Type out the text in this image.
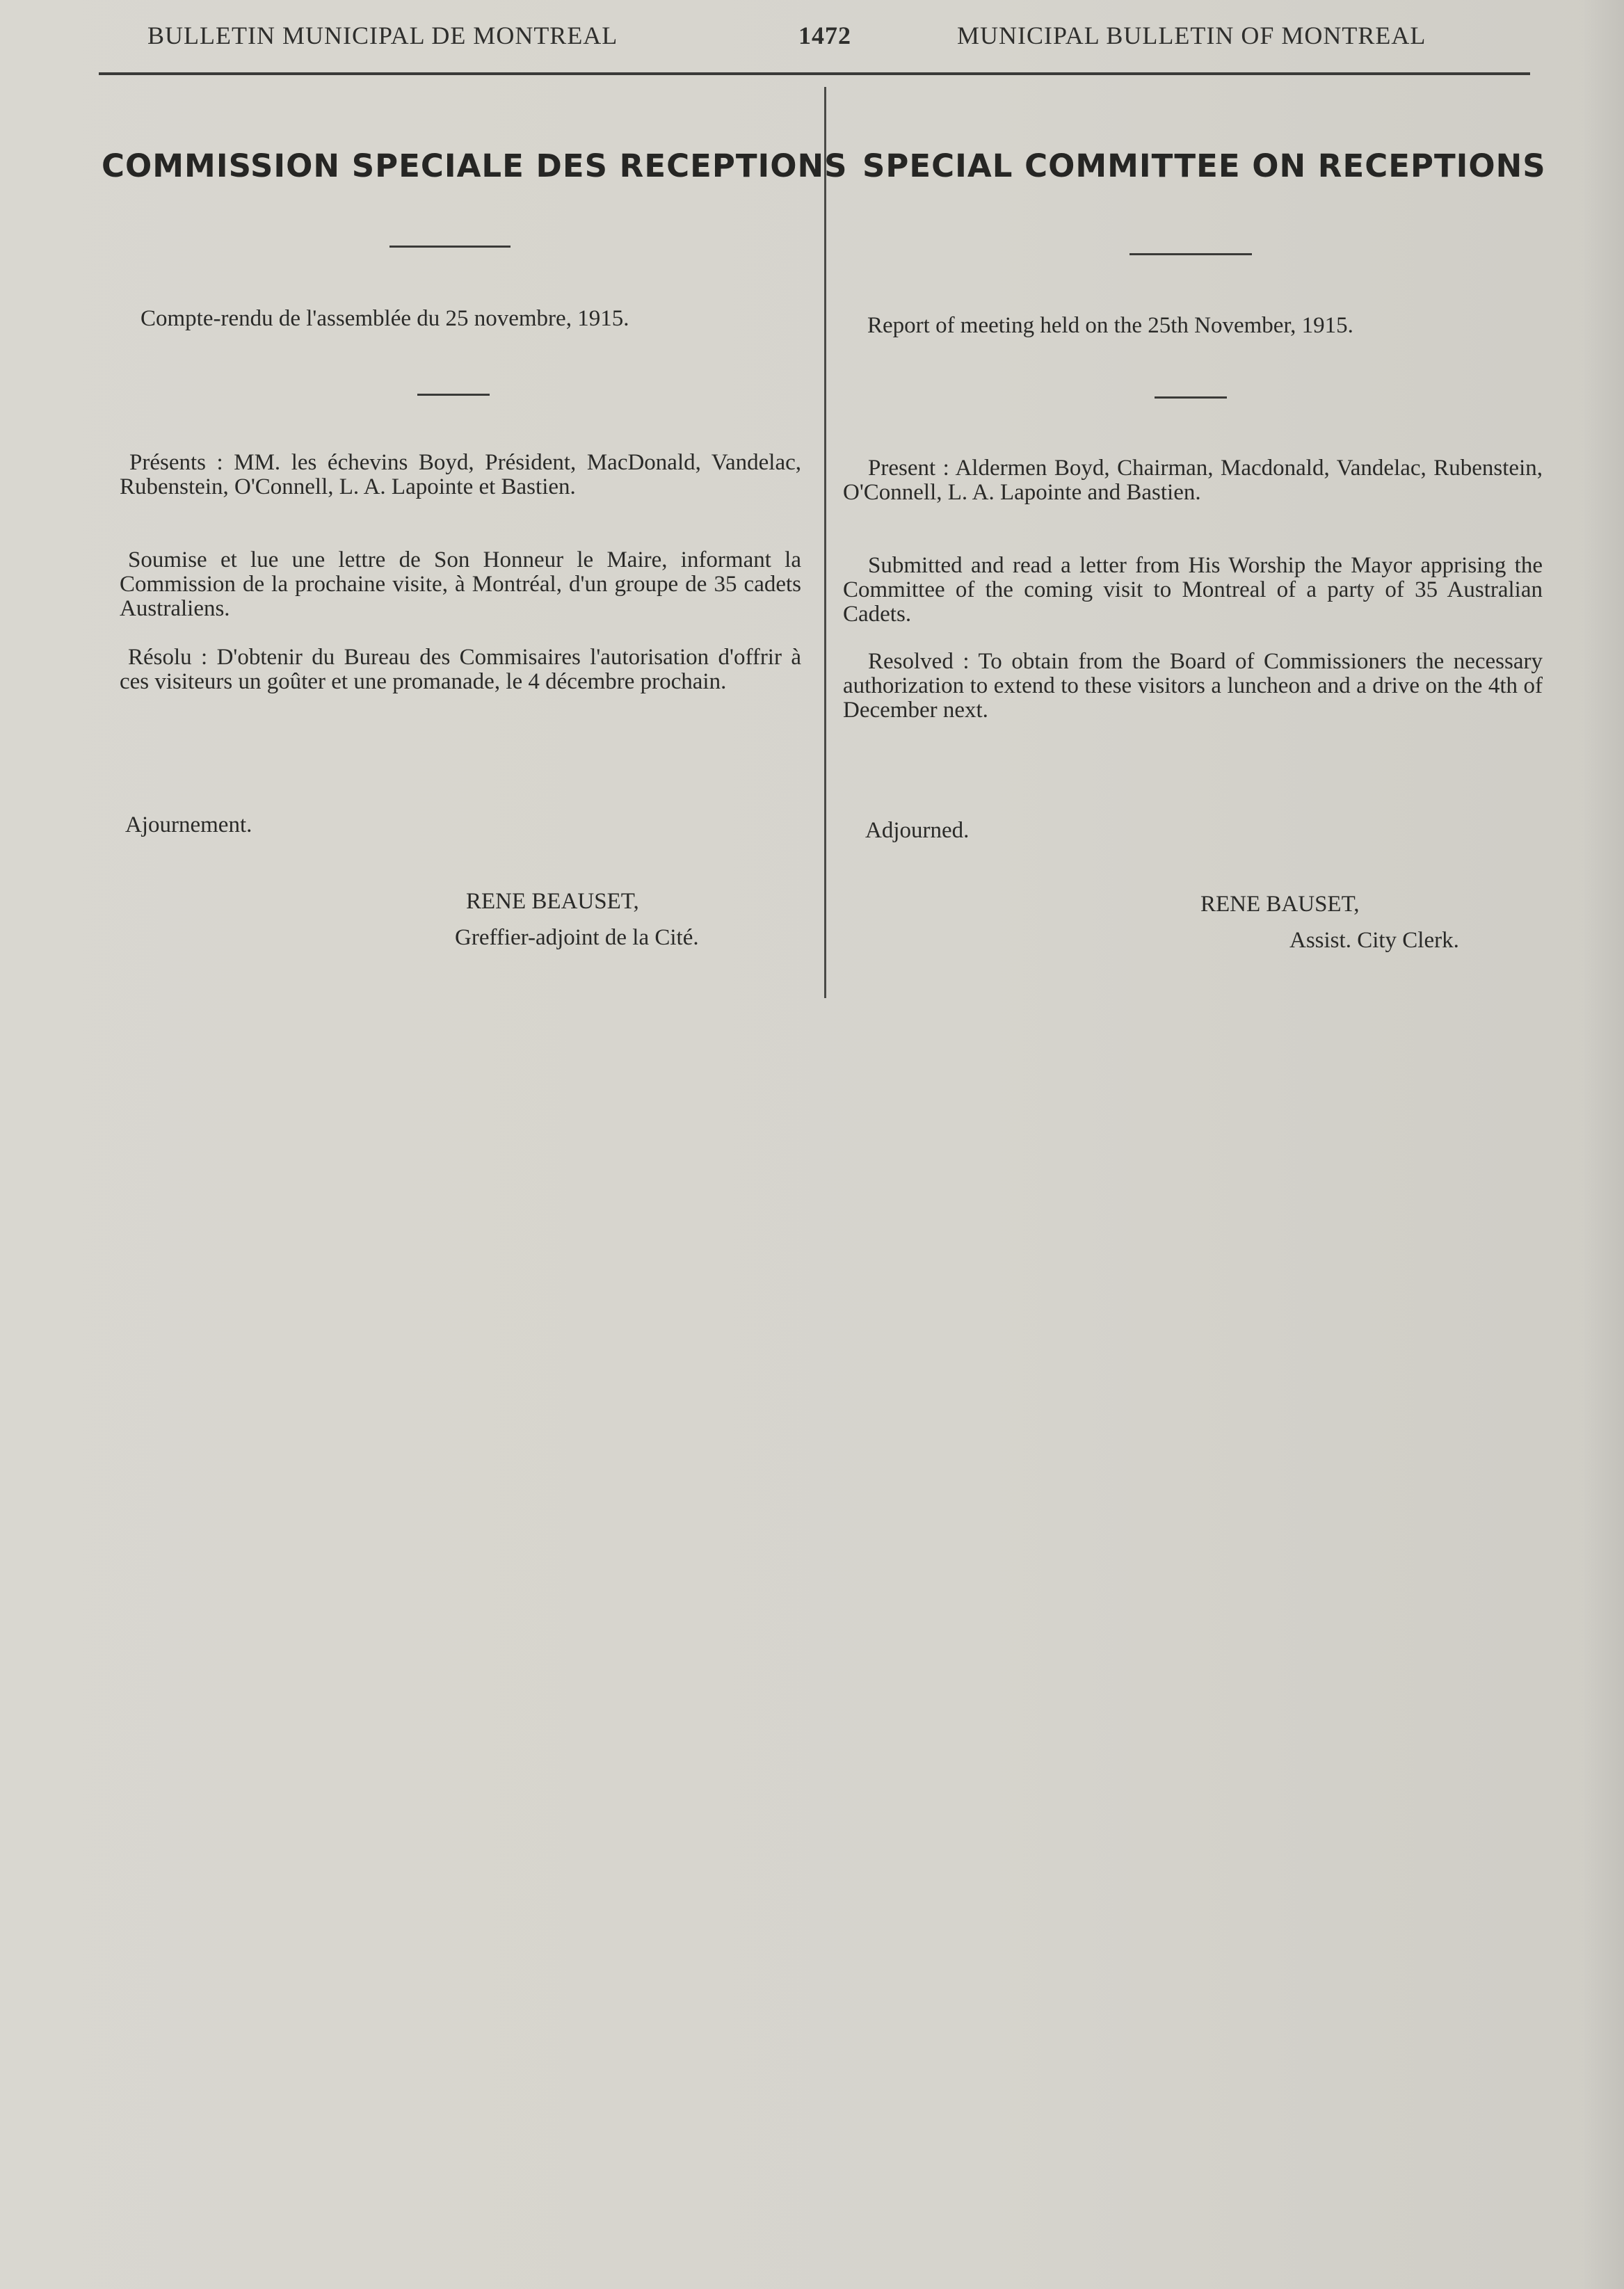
BULLETIN MUNICIPAL DE MONTREAL	1472	MUNICIPAL BULLETIN OF MONTREAL
COMMISSION SPECIALE DES RECEPTIONS
Compte-rendu de l'assemblée du 25 novembre, 1915.
Présents : MM. les échevins Boyd, Président, MacDonald, Vandelac, Rubenstein, O'Connell, L. A. Lapointe et Bastien.
Soumise et lue une lettre de Son Honneur le Maire, informant la Commission de la prochaine visite, à Montréal, d'un groupe de 35 cadets Australiens.
Résolu : D'obtenir du Bureau des Commisaires l'autorisation d'offrir à ces visiteurs un goûter et une promanade, le 4 décembre prochain.
Ajournement.
RENE BEAUSET,
Greffier-adjoint de la Cité.
SPECIAL COMMITTEE ON RECEPTIONS
Report of meeting held on the 25th November, 1915.
Present : Aldermen Boyd, Chairman, Macdonald, Vandelac, Rubenstein, O'Connell, L. A. Lapointe and Bastien.
Submitted and read a letter from His Worship the Mayor apprising the Committee of the coming visit to Montreal of a party of 35 Australian Cadets.
Resolved : To obtain from the Board of Commissioners the necessary authorization to extend to these visitors a luncheon and a drive on the 4th of December next.
Adjourned.
RENE BAUSET,
Assist. City Clerk.
